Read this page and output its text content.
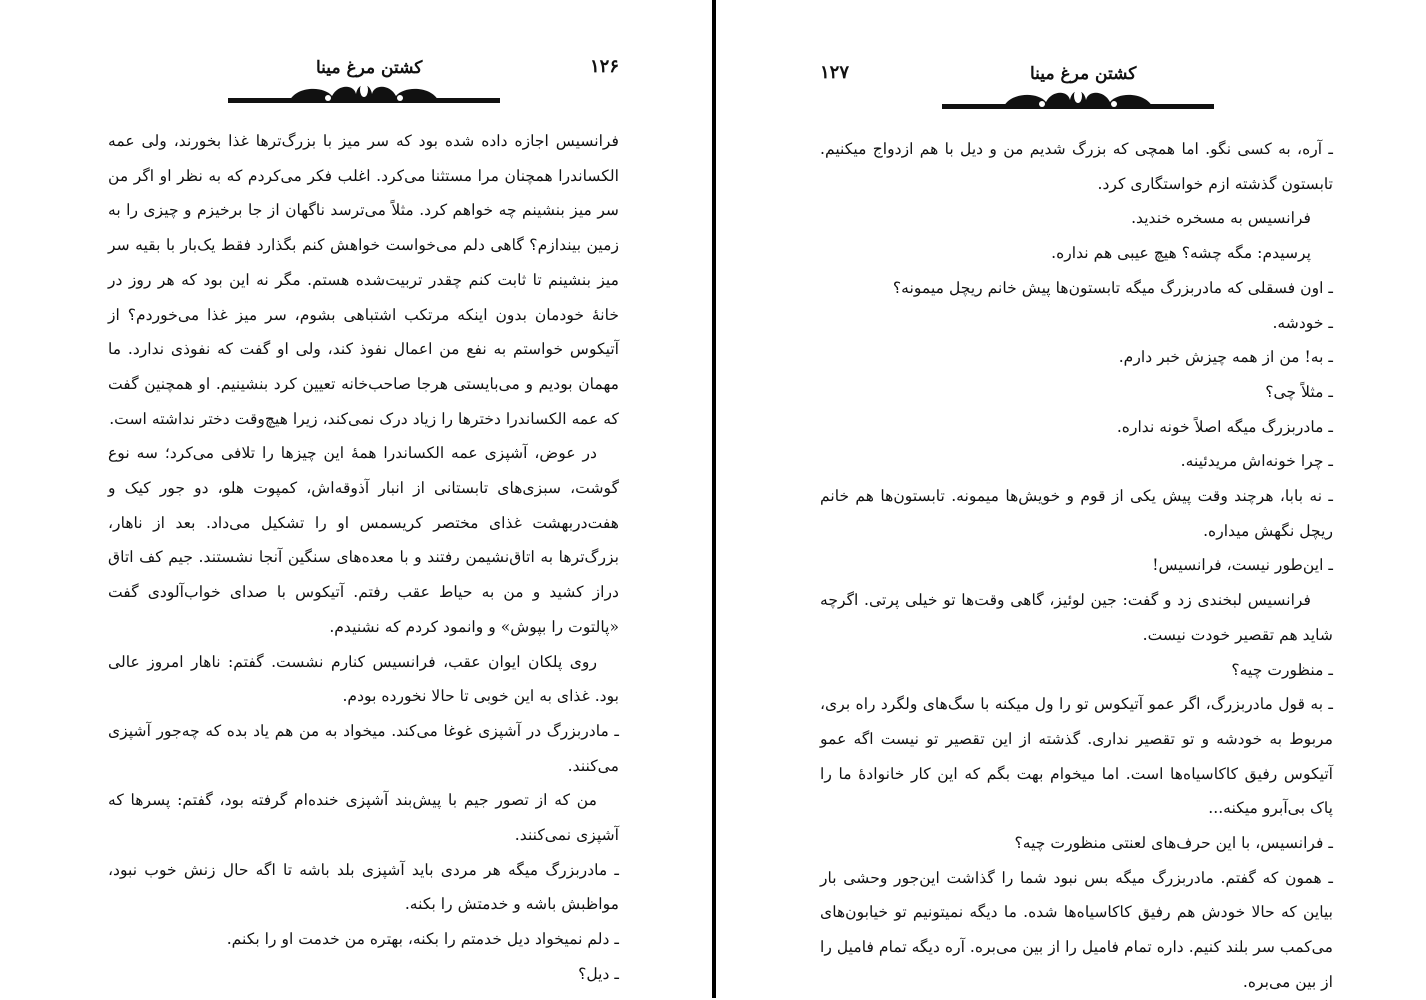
۱۲۶
کشتن مرغ مینا

فرانسیس اجازه داده شده بود که سر میز با بزرگ‌ترها غذا بخورند، ولی عمه الکساندرا همچنان مرا مستثنا می‌کرد. اغلب فکر می‌کردم که به نظر او اگر من سر میز بنشینم چه خواهم کرد. مثلاً می‌ترسد ناگهان از جا برخیزم و چیزی را به زمین بیندازم؟ گاهی دلم می‌خواست خواهش کنم بگذارد فقط یک‌بار با بقیه سر میز بنشینم تا ثابت کنم چقدر تربیت‌شده هستم. مگر نه این بود که هر روز در خانهٔ خودمان بدون اینکه مرتکب اشتباهی بشوم، سر میز غذا می‌خوردم؟ از آتیکوس خواستم به نفع من اعمال نفوذ کند، ولی او گفت که نفوذی ندارد. ما مهمان بودیم و می‌بایستی هرجا صاحب‌خانه تعیین کرد بنشینیم. او همچنین گفت که عمه الکساندرا دخترها را زیاد درک نمی‌کند، زیرا هیچ‌وقت دختر نداشته است.

در عوض، آشپزی عمه الکساندرا همهٔ این چیزها را تلافی می‌کرد؛ سه نوع گوشت، سبزی‌های تابستانی از انبار آذوقه‌اش، کمپوت هلو، دو جور کیک و هفت‌دربهشت غذای مختصر کریسمس او را تشکیل می‌داد. بعد از ناهار، بزرگ‌ترها به اتاق‌نشیمن رفتند و با معده‌های سنگین آنجا نشستند. جیم کف اتاق دراز کشید و من به حیاط عقب رفتم. آتیکوس با صدای خواب‌آلودی گفت «پالتوت را بپوش» و وانمود کردم که نشنیدم.

روی پلکان ایوان عقب، فرانسیس کنارم نشست. گفتم: ناهار امروز عالی بود. غذای به این خوبی تا حالا نخورده بودم.

ـ مادربزرگ در آشپزی غوغا می‌کند. میخواد به من هم یاد بده که چه‌جور آشپزی می‌کنند.

من که از تصور جیم با پیش‌بند آشپزی خنده‌ام گرفته بود، گفتم: پسرها که آشپزی نمی‌کنند.

ـ مادربزرگ میگه هر مردی باید آشپزی بلد باشه تا اگه حال زنش خوب نبود، مواظبش باشه و خدمتش را بکنه.

ـ دلم نمیخواد دیل خدمتم را بکنه، بهتره من خدمت او را بکنم.

ـ دیل؟

کشتن مرغ مینا
۱۲۷

ـ آره، به کسی نگو. اما همچی که بزرگ شدیم من و دیل با هم ازدواج میکنیم. تابستون گذشته ازم خواستگاری کرد.

فرانسیس به مسخره خندید.

پرسیدم: مگه چشه؟ هیچ عیبی هم نداره.

ـ اون فسقلی که مادربزرگ میگه تابستون‌ها پیش خانم ریچل میمونه؟

ـ خودشه.

ـ به! من از همه چیزش خبر دارم.

ـ مثلاً چی؟

ـ مادربزرگ میگه اصلاً خونه نداره.

ـ چرا خونه‌اش مریدئینه.

ـ نه بابا، هرچند وقت پیش یکی از قوم و خویش‌ها میمونه. تابستون‌ها هم خانم ریچل نگهش میداره.

ـ این‌طور نیست، فرانسیس!

فرانسیس لبخندی زد و گفت: جین لوئیز، گاهی وقت‌ها تو خیلی پرتی. اگرچه شاید هم تقصیر خودت نیست.

ـ منظورت چیه؟

ـ به قول مادربزرگ، اگر عمو آتیکوس تو را ول میکنه با سگ‌های ولگرد راه بری، مربوط به خودشه و تو تقصیر نداری. گذشته از این تقصیر تو نیست اگه عمو آتیکوس رفیق کاکاسیاه‌ها است. اما میخوام بهت بگم که این کار خانوادهٔ ما را پاک بی‌آبرو میکنه...

ـ فرانسیس، با این حرف‌های لعنتی منظورت چیه؟

ـ همون که گفتم. مادربزرگ میگه بس نبود شما را گذاشت این‌جور وحشی بار بیاین که حالا خودش هم رفیق کاکاسیاه‌ها شده. ما دیگه نمیتونیم تو خیابون‌های می‌کمب سر بلند کنیم. داره تمام فامیل را از بین می‌بره. آره دیگه تمام فامیل را از بین می‌بره.
